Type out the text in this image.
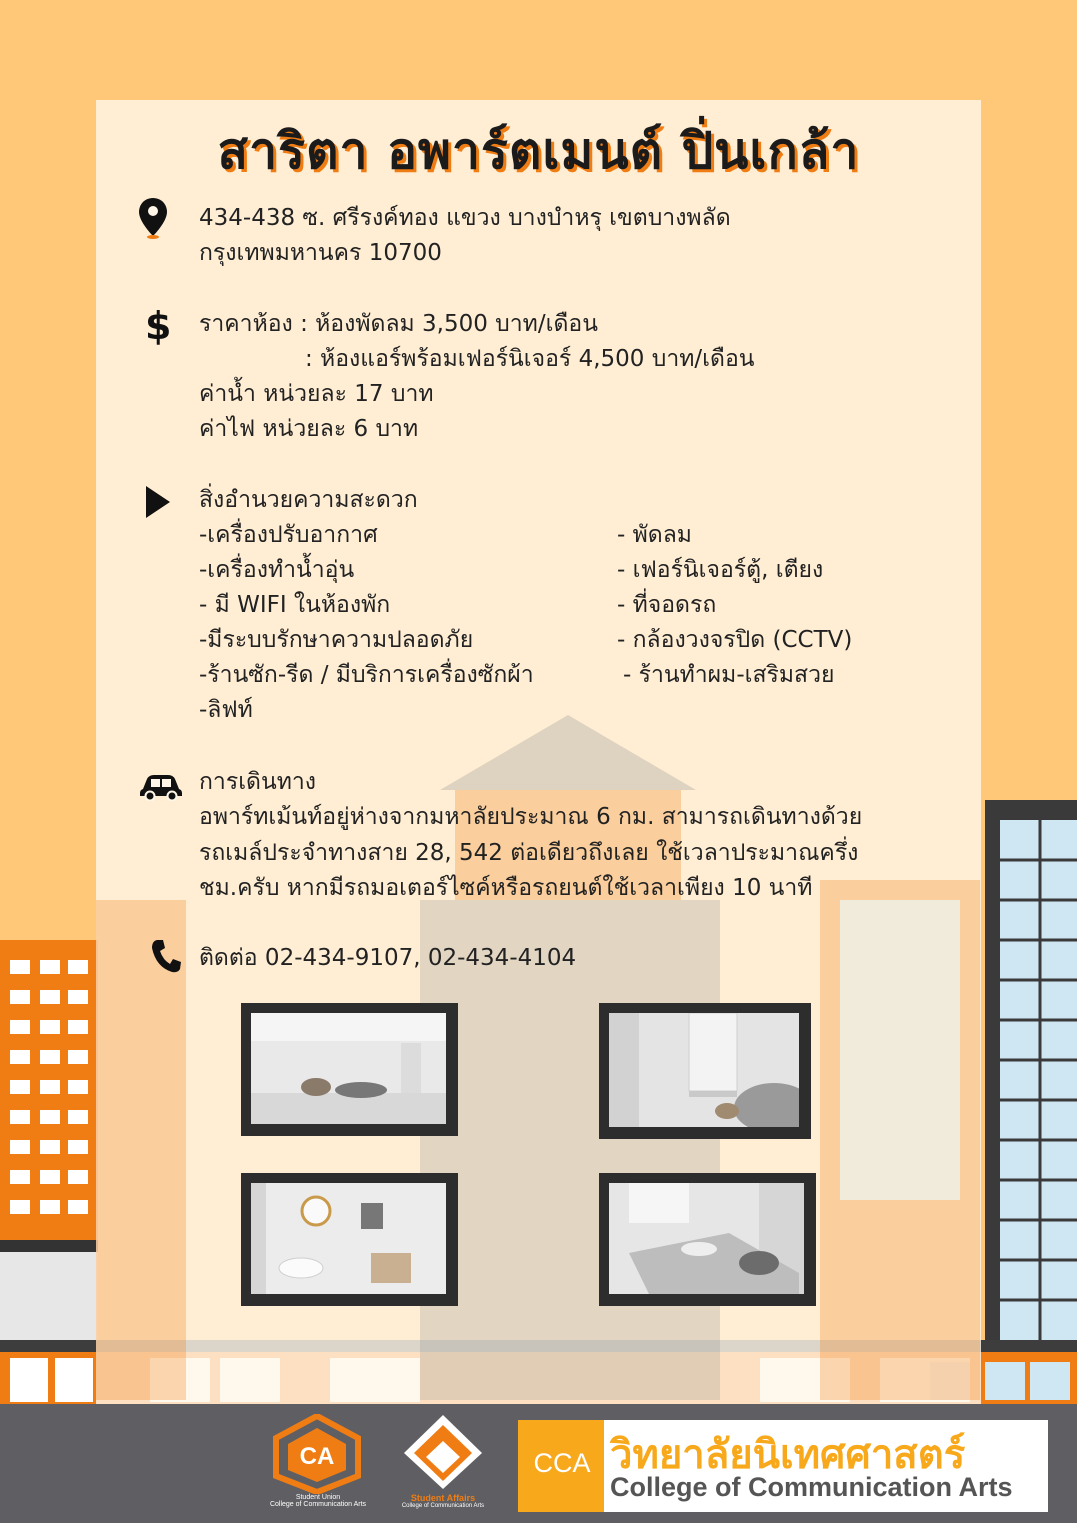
สาริตา อพาร์ตเมนต์ ปิ่นเกล้า
434-438 ซ. ศรีรงค์ทอง แขวง บางบำหรุ เขตบางพลัด
กรุงเทพมหานคร 10700
$ ราคาห้อง : ห้องพัดลม 3,500 บาท/เดือน
: ห้องแอร์พร้อมเฟอร์นิเจอร์ 4,500 บาท/เดือน
ค่าน้ำ หน่วยละ 17 บาท
ค่าไฟ หน่วยละ 6 บาท
สิ่งอำนวยความสะดวก
-เครื่องปรับอากาศ
-เครื่องทำน้ำอุ่น
- มี WIFI ในห้องพัก
-มีระบบรักษาความปลอดภัย
-ร้านซัก-รีด / มีบริการเครื่องซักผ้า
-ลิฟท์
- พัดลม
- เฟอร์นิเจอร์ตู้, เตียง
- ที่จอดรถ
- กล้องวงจรปิด (CCTV)
- ร้านทำผม-เสริมสวย
การเดินทาง
อพาร์ทเม้นท์อยู่ห่างจากมหาลัยประมาณ 6 กม. สามารถเดินทางด้วย
รถเมล์ประจำทางสาย 28, 542 ต่อเดียวถึงเลย ใช้เวลาประมาณครึ่ง
ชม.ครับ หากมีรถมอเตอร์ไซค์หรือรถยนต์ใช้เวลาเพียง 10 นาที
ติดต่อ 02-434-9107, 02-434-4104
CA
Student Union
College of Communication Arts
Student Affairs
College of Communication Arts
CCA วิทยาลัยนิเทศศาสตร์
College of Communication Arts
